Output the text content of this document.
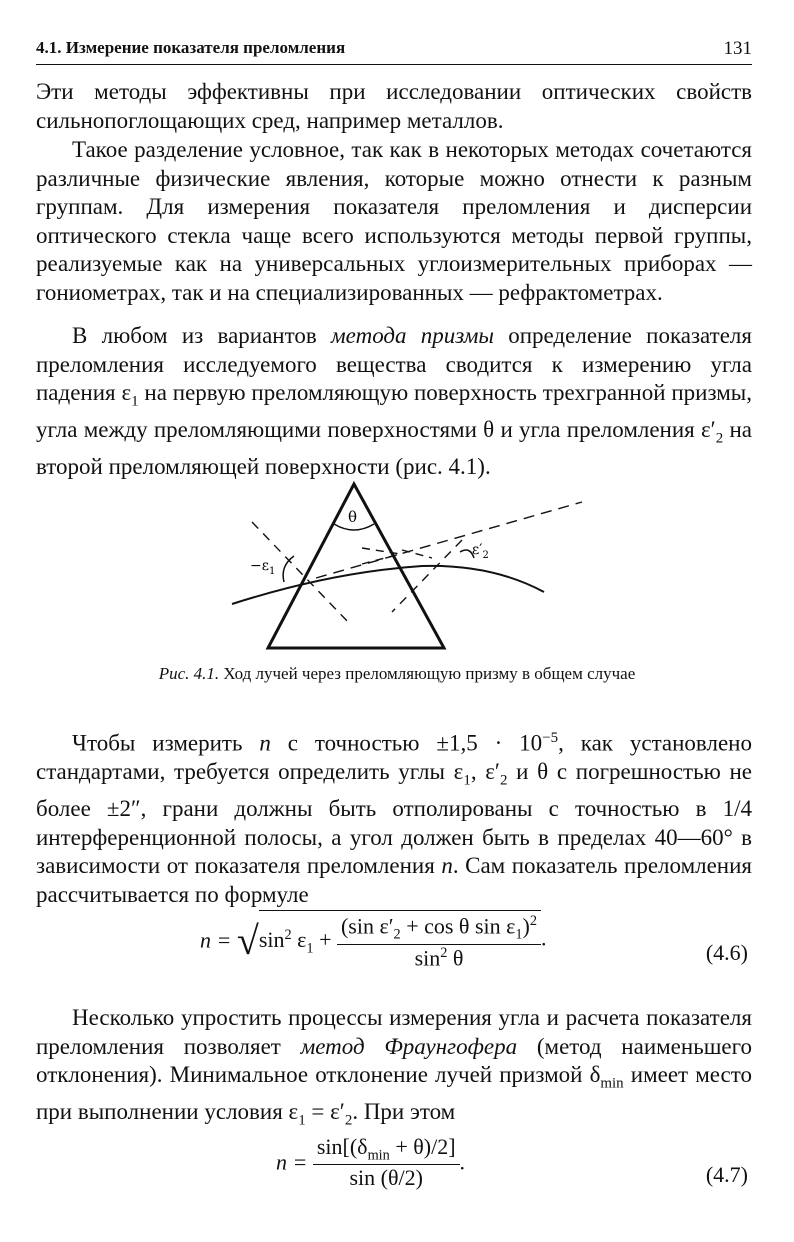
4.1. Измерение показателя преломления	131

Эти методы эффективны при исследовании оптических свойств сильнопоглощающих сред, например металлов.

Такое разделение условное, так как в некоторых методах сочетаются различные физические явления, которые можно отнести к разным группам. Для измерения показателя преломления и дисперсии оптического стекла чаще всего используются методы первой группы, реализуемые как на универсальных углоизмерительных приборах — гониометрах, так и на специализированных — рефрактометрах.

В любом из вариантов метода призмы определение показателя преломления исследуемого вещества сводится к измерению угла падения $\varepsilon_1$ на первую преломляющую поверхность трехгранной призмы, угла между преломляющими поверхностями θ и угла преломления $\varepsilon'_2$ на второй преломляющей поверхности (рис. 4.1).

θ
$-\varepsilon_1$
$\varepsilon'_2$
Рис. 4.1. Ход лучей через преломляющую призму в общем случае

Чтобы измерить n с точностью $\pm 1,5 \cdot 10^{-5}$, как установлено стандартами, требуется определить углы $\varepsilon_1$, $\varepsilon'_2$ и θ с погрешностью не более ±2″, грани должны быть отполированы с точностью в 1/4 интерференционной полосы, а угол должен быть в пределах 40—60° в зависимости от показателя преломления n. Сам показатель преломления рассчитывается по формуле

$n = √\sin^2$ $\varepsilon_1 + \frac{(\sin \varepsilon'_2 + \cos \theta \sin \varepsilon_1)^2}{\sin^2 \theta}$ .
(4.6)

Несколько упростить процессы измерения угла и расчета показателя преломления позволяет метод Фраунгофера (метод наименьшего отклонения). Минимальное отклонение лучей призмой $\delta_{min}$ имеет место при выполнении условия $\varepsilon_1 = \varepsilon'_2$. При этом

$n = \frac{\sin[(\delta_{min} + \theta)/2]}{\sin (\theta/2)}$ .	(4.7)
